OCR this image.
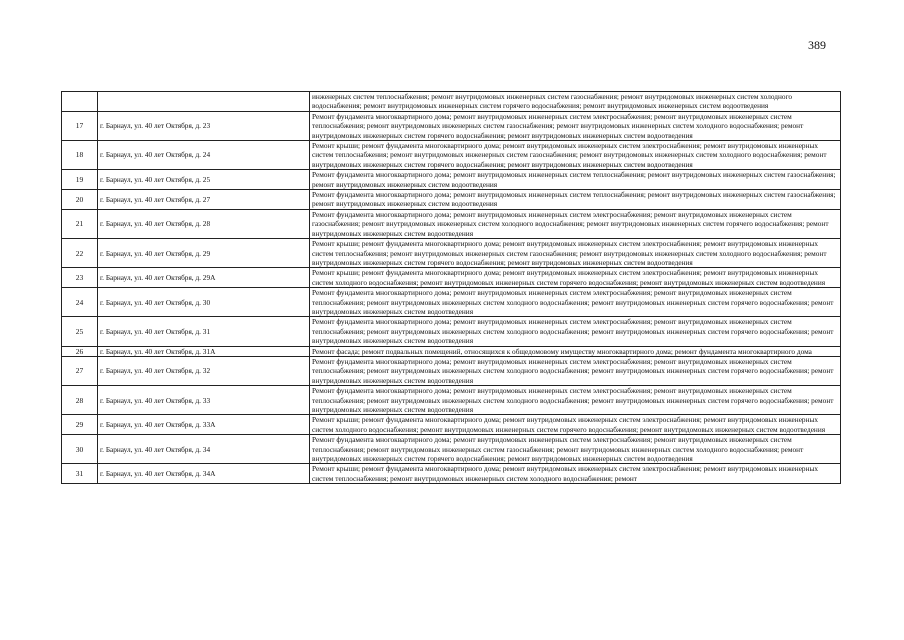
389
		инженерных систем теплоснабжения; ремонт внутридомовых инженерных систем газоснабжения; ремонт внутридомовых инженерных систем холодного водоснабжения; ремонт внутридомовых инженерных систем горячего водоснабжения; ремонт внутридомовых инженерных систем водоотведения
17	г. Барнаул, ул. 40 лет Октября, д. 23	Ремонт фундамента многоквартирного дома; ремонт внутридомовых инженерных систем электроснабжения; ремонт внутридомовых инженерных систем теплоснабжения; ремонт внутридомовых инженерных систем газоснабжения; ремонт внутридомовых инженерных систем холодного водоснабжения; ремонт внутридомовых инженерных систем горячего водоснабжения; ремонт внутридомовых инженерных систем водоотведения
18	г. Барнаул, ул. 40 лет Октября, д. 24	Ремонт крыши; ремонт фундамента многоквартирного дома; ремонт внутридомовых инженерных систем электроснабжения; ремонт внутридомовых инженерных систем теплоснабжения; ремонт внутридомовых инженерных систем газоснабжения; ремонт внутридомовых инженерных систем холодного водоснабжения; ремонт внутридомовых инженерных систем горячего водоснабжения; ремонт внутридомовых инженерных систем водоотведения
19	г. Барнаул, ул. 40 лет Октября, д. 25	Ремонт фундамента многоквартирного дома; ремонт внутридомовых инженерных систем теплоснабжения; ремонт внутридомовых инженерных систем газоснабжения; ремонт внутридомовых инженерных систем водоотведения
20	г. Барнаул, ул. 40 лет Октября, д. 27	Ремонт фундамента многоквартирного дома; ремонт внутридомовых инженерных систем теплоснабжения; ремонт внутридомовых инженерных систем газоснабжения; ремонт внутридомовых инженерных систем водоотведения
21	г. Барнаул, ул. 40 лет Октября, д. 28	Ремонт фундамента многоквартирного дома; ремонт внутридомовых инженерных систем электроснабжения; ремонт внутридомовых инженерных систем газоснабжения; ремонт внутридомовых инженерных систем холодного водоснабжения; ремонт внутридомовых инженерных систем горячего водоснабжения; ремонт внутридомовых инженерных систем водоотведения
22	г. Барнаул, ул. 40 лет Октября, д. 29	Ремонт крыши; ремонт фундамента многоквартирного дома; ремонт внутридомовых инженерных систем электроснабжения; ремонт внутридомовых инженерных систем теплоснабжения; ремонт внутридомовых инженерных систем газоснабжения; ремонт внутридомовых инженерных систем холодного водоснабжения; ремонт внутридомовых инженерных систем горячего водоснабжения; ремонт внутридомовых инженерных систем водоотведения
23	г. Барнаул, ул. 40 лет Октября, д. 29А	Ремонт крыши; ремонт фундамента многоквартирного дома; ремонт внутридомовых инженерных систем электроснабжения; ремонт внутридомовых инженерных систем холодного водоснабжения; ремонт внутридомовых инженерных систем горячего водоснабжения; ремонт внутридомовых инженерных систем водоотведения
24	г. Барнаул, ул. 40 лет Октября, д. 30	Ремонт фундамента многоквартирного дома; ремонт внутридомовых инженерных систем электроснабжения; ремонт внутридомовых инженерных систем теплоснабжения; ремонт внутридомовых инженерных систем холодного водоснабжения; ремонт внутридомовых инженерных систем горячего водоснабжения; ремонт внутридомовых инженерных систем водоотведения
25	г. Барнаул, ул. 40 лет Октября, д. 31	Ремонт фундамента многоквартирного дома; ремонт внутридомовых инженерных систем электроснабжения; ремонт внутридомовых инженерных систем теплоснабжения; ремонт внутридомовых инженерных систем холодного водоснабжения; ремонт внутридомовых инженерных систем горячего водоснабжения; ремонт внутридомовых инженерных систем водоотведения
26	г. Барнаул, ул. 40 лет Октября, д. 31А	Ремонт фасада; ремонт подвальных помещений, относящихся к общедомовому имуществу многоквартирного дома; ремонт фундамента многоквартирного дома
27	г. Барнаул, ул. 40 лет Октября, д. 32	Ремонт фундамента многоквартирного дома; ремонт внутридомовых инженерных систем электроснабжения; ремонт внутридомовых инженерных систем теплоснабжения; ремонт внутридомовых инженерных систем холодного водоснабжения; ремонт внутридомовых инженерных систем горячего водоснабжения; ремонт внутридомовых инженерных систем водоотведения
28	г. Барнаул, ул. 40 лет Октября, д. 33	Ремонт фундамента многоквартирного дома; ремонт внутридомовых инженерных систем электроснабжения; ремонт внутридомовых инженерных систем теплоснабжения; ремонт внутридомовых инженерных систем холодного водоснабжения; ремонт внутридомовых инженерных систем горячего водоснабжения; ремонт внутридомовых инженерных систем водоотведения
29	г. Барнаул, ул. 40 лет Октября, д. 33А	Ремонт крыши; ремонт фундамента многоквартирного дома; ремонт внутридомовых инженерных систем электроснабжения; ремонт внутридомовых инженерных систем холодного водоснабжения; ремонт внутридомовых инженерных систем горячего водоснабжения; ремонт внутридомовых инженерных систем водоотведения
30	г. Барнаул, ул. 40 лет Октября, д. 34	Ремонт фундамента многоквартирного дома; ремонт внутридомовых инженерных систем электроснабжения; ремонт внутридомовых инженерных систем теплоснабжения; ремонт внутридомовых инженерных систем газоснабжения; ремонт внутридомовых инженерных систем холодного водоснабжения; ремонт внутридомовых инженерных систем горячего водоснабжения; ремонт внутридомовых инженерных систем водоотведения
31	г. Барнаул, ул. 40 лет Октября, д. 34А	Ремонт крыши; ремонт фундамента многоквартирного дома; ремонт внутридомовых инженерных систем электроснабжения; ремонт внутридомовых инженерных систем теплоснабжения; ремонт внутридомовых инженерных систем холодного водоснабжения; ремонт
